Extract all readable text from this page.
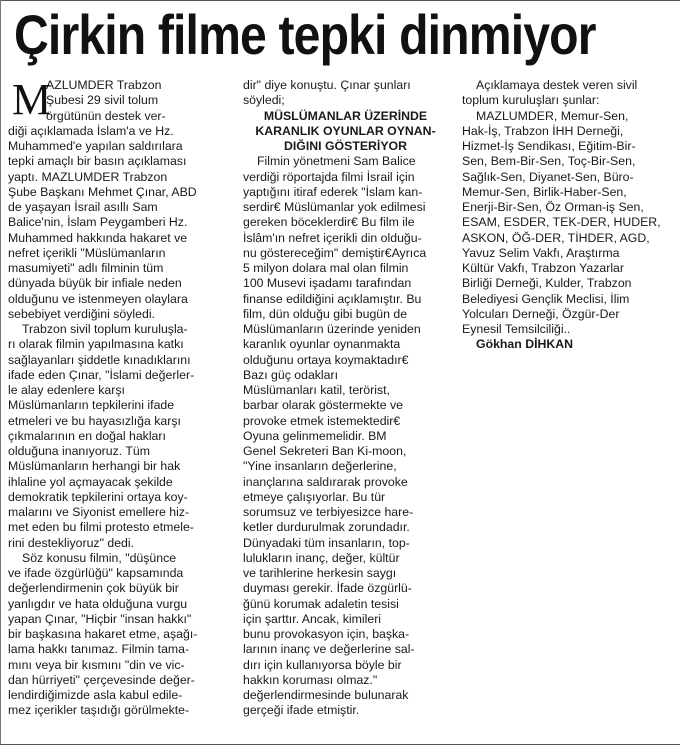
Çirkin filme tepki dinmiyor
M
AZLUMDER Trabzon
Şubesi 29 sivil tolum
örgütünün destek ver-
diği açıklamada İslam'a ve Hz.
Muhammed'e yapılan saldırılara
tepki amaçlı bir basın açıklaması
yaptı. MAZLUMDER Trabzon
Şube Başkanı Mehmet Çınar, ABD
de yaşayan İsrail asıllı Sam
Balice'nin, İslam Peygamberi Hz.
Muhammed hakkında hakaret ve
nefret içerikli "Müslümanların
masumiyeti" adlı filminin tüm
dünyada büyük bir infiale neden
olduğunu ve istenmeyen olaylara
sebebiyet verdiğini söyledi.
Trabzon sivil toplum kuruluşla-
rı olarak filmin yapılmasına katkı
sağlayanları şiddetle kınadıklarını
ifade eden Çınar, "İslami değerler-
le alay edenlere karşı
Müslümanların tepkilerini ifade
etmeleri ve bu hayasızlığa karşı
çıkmalarının en doğal hakları
olduğuna inanıyoruz. Tüm
Müslümanların herhangi bir hak
ihlaline yol açmayacak şekilde
demokratik tepkilerini ortaya koy-
malarını ve Siyonist emellere hiz-
met eden bu filmi protesto etmele-
rini destekliyoruz" dedi.
Söz konusu filmin, "düşünce
ve ifade özgürlüğü" kapsamında
değerlendirmenin çok büyük bir
yanlıgdır ve hata olduğuna vurgu
yapan Çınar, "Hiçbir "insan hakkı"
bir başkasına hakaret etme, aşağı-
lama hakkı tanımaz. Filmin tama-
mını veya bir kısmını "din ve vic-
dan hürriyeti" çerçevesinde değer-
lendirdiğimizde asla kabul edile-
mez içerikler taşıdığı görülmekte-
dir" diye konuştu. Çınar şunları
söyledi;
MÜSLÜMANLAR ÜZERİNDE
KARANLIK OYUNLAR OYNAN-
DIĞINI GÖSTERİYOR
Filmin yönetmeni Sam Balice
verdiği röportajda filmi İsrail için
yaptığını itiraf ederek "İslam kan-
serdir€ Müslümanlar yok edilmesi
gereken böceklerdir€ Bu film ile
İslâm'ın nefret içerikli din olduğu-
nu göstereceğim" demiştir€Ayrıca
5 milyon dolara mal olan filmin
100 Musevi işadamı tarafından
finanse edildiğini açıklamıştır. Bu
film, dün olduğu gibi bugün de
Müslümanların üzerinde yeniden
karanlık oyunlar oynanmakta
olduğunu ortaya koymaktadır€
Bazı güç odakları
Müslümanları katil, terörist,
barbar olarak göstermekte ve
provoke etmek istemektedir€
Oyuna gelinmemelidir. BM
Genel Sekreteri Ban Ki-moon,
"Yine insanların değerlerine,
inançlarına saldırarak provoke
etmeye çalışıyorlar. Bu tür
sorumsuz ve terbiyesizce hare-
ketler durdurulmak zorundadır.
Dünyadaki tüm insanların, top-
lulukların inanç, değer, kültür
ve tarihlerine herkesin saygı
duyması gerekir. İfade özgürlü-
ğünü korumak adaletin tesisi
için şarttır. Ancak, kimileri
bunu provokasyon için, başka-
larının inanç ve değerlerine sal-
dırı için kullanıyorsa böyle bir
hakkın koruması olmaz."
değerlendirmesinde bulunarak
gerçeği ifade etmiştir.
Açıklamaya destek veren sivil
toplum kuruluşları şunlar:
MAZLUMDER, Memur-Sen,
Hak-İş, Trabzon İHH Derneği,
Hizmet-İş Sendikası, Eğitim-Bir-
Sen, Bem-Bir-Sen, Toç-Bir-Sen,
Sağlık-Sen, Diyanet-Sen, Büro-
Memur-Sen, Birlik-Haber-Sen,
Enerji-Bir-Sen, Öz Orman-iş Sen,
ESAM, ESDER, TEK-DER, HUDER,
ASKON, ÖĞ-DER, TİHDER, AGD,
Yavuz Selim Vakfı, Araştırma
Kültür Vakfı, Trabzon Yazarlar
Birliği Derneği, Kulder, Trabzon
Belediyesi Gençlik Meclisi, İlim
Yolcuları Derneği, Özgür-Der
Eynesil Temsilciliği..
Gökhan DİHKAN
